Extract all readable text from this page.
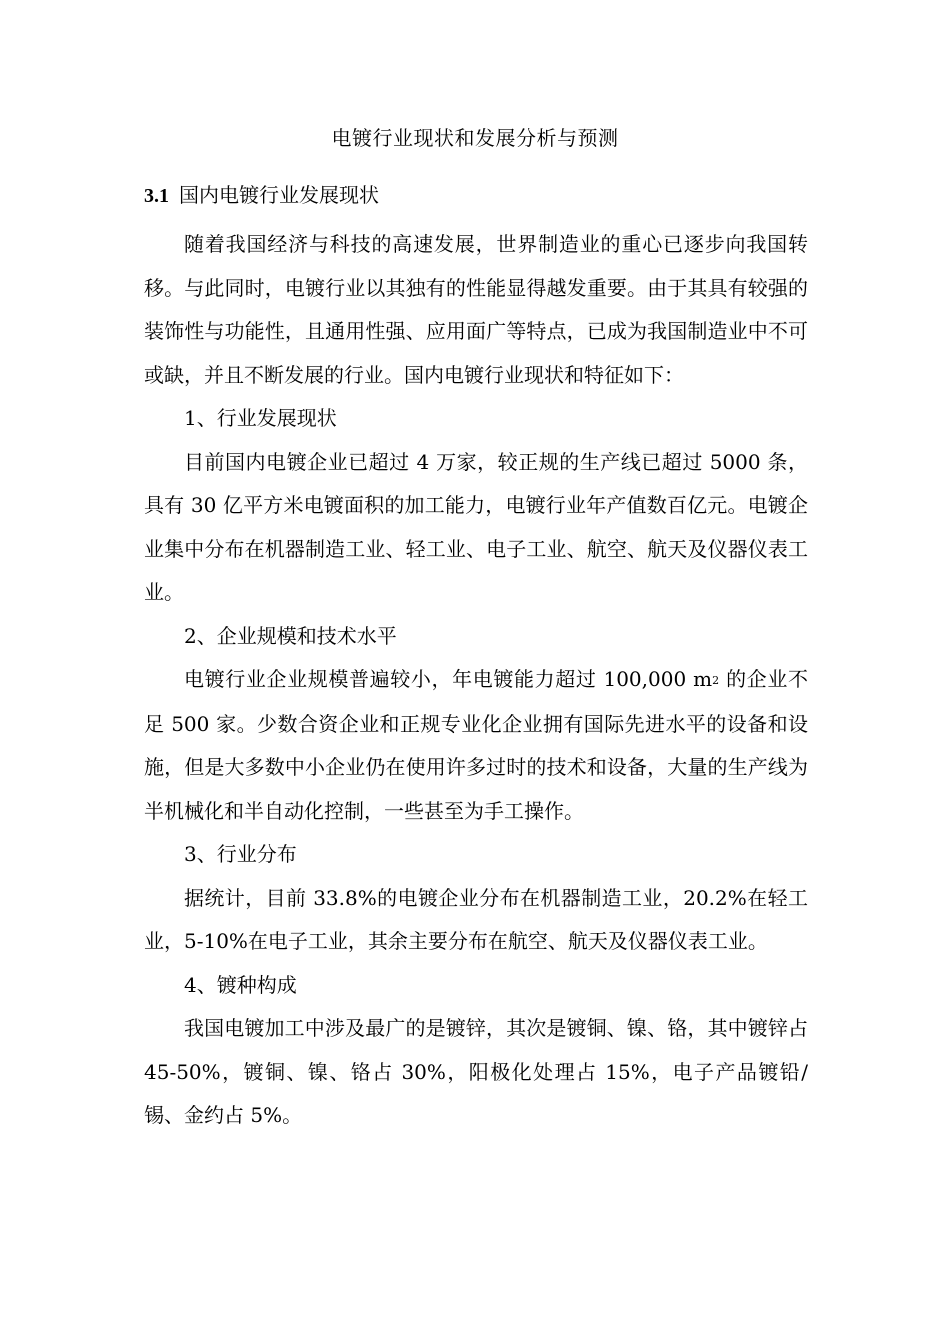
电镀行业现状和发展分析与预测
3.1 国内电镀行业发展现状

随着我国经济与科技的高速发展，世界制造业的重心已逐步向我国转移。与此同时，电镀行业以其独有的性能显得越发重要。由于其具有较强的装饰性与功能性，且通用性强、应用面广等特点，已成为我国制造业中不可或缺，并且不断发展的行业。国内电镀行业现状和特征如下：

1、行业发展现状

目前国内电镀企业已超过 4 万家，较正规的生产线已超过 5000 条，具有 30 亿平方米电镀面积的加工能力，电镀行业年产值数百亿元。电镀企业集中分布在机器制造工业、轻工业、电子工业、航空、航天及仪器仪表工业。

2、企业规模和技术水平

电镀行业企业规模普遍较小，年电镀能力超过 100,000 $m^2$ 的企业不足 500 家。少数合资企业和正规专业化企业拥有国际先进水平的设备和设施，但是大多数中小企业仍在使用许多过时的技术和设备，大量的生产线为半机械化和半自动化控制，一些甚至为手工操作。

3、行业分布

据统计，目前 33.8%的电镀企业分布在机器制造工业，20.2%在轻工业，5-10%在电子工业，其余主要分布在航空、航天及仪器仪表工业。

4、镀种构成

我国电镀加工中涉及最广的是镀锌，其次是镀铜、镍、铬，其中镀锌占 45-50%，镀铜、镍、铬占 30%，阳极化处理占 15%，电子产品镀铅/锡、金约占 5%。
